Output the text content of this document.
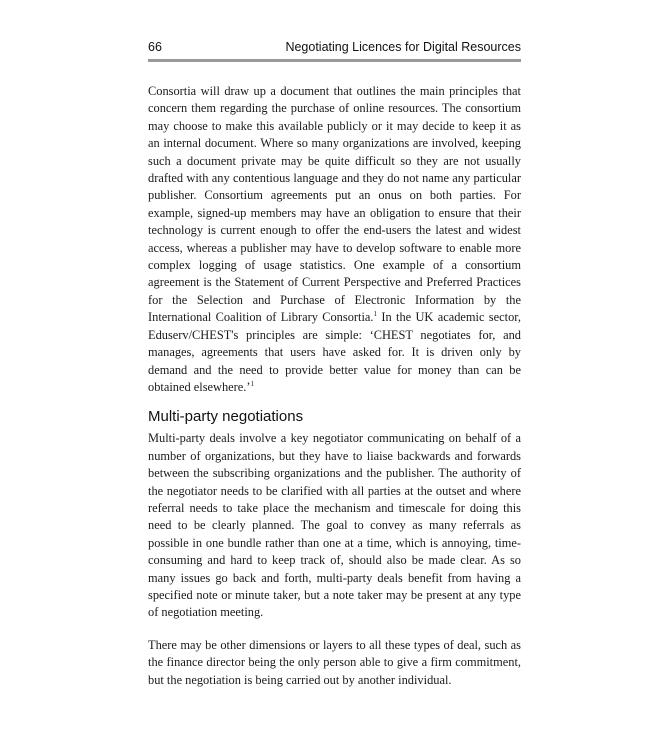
66	Negotiating Licences for Digital Resources

Consortia will draw up a document that outlines the main principles that concern them regarding the purchase of online resources. The consortium may choose to make this available publicly or it may decide to keep it as an internal document. Where so many organizations are involved, keeping such a document private may be quite difficult so they are not usually drafted with any contentious language and they do not name any particular publisher. Consortium agreements put an onus on both parties. For example, signed-up members may have an obligation to ensure that their technology is current enough to offer the end-users the latest and widest access, whereas a publisher may have to develop software to enable more complex logging of usage statistics. One example of a consortium agreement is the Statement of Current Perspective and Preferred Practices for the Selection and Purchase of Electronic Information by the International Coalition of Library Consortia.$^1$ In the UK academic sector, Eduserv/CHEST's principles are simple: ‘CHEST negotiates for, and manages, agreements that users have asked for. It is driven only by demand and the need to provide better value for money than can be obtained elsewhere.’$^1$

Multi-party negotiations

Multi-party deals involve a key negotiator communicating on behalf of a number of organizations, but they have to liaise backwards and forwards between the subscribing organizations and the publisher. The authority of the negotiator needs to be clarified with all parties at the outset and where referral needs to take place the mechanism and timescale for doing this need to be clearly planned. The goal to convey as many referrals as possible in one bundle rather than one at a time, which is annoying, time-consuming and hard to keep track of, should also be made clear. As so many issues go back and forth, multi-party deals benefit from having a specified note or minute taker, but a note taker may be present at any type of negotiation meeting.

There may be other dimensions or layers to all these types of deal, such as the finance director being the only person able to give a firm commitment, but the negotiation is being carried out by another individual.
